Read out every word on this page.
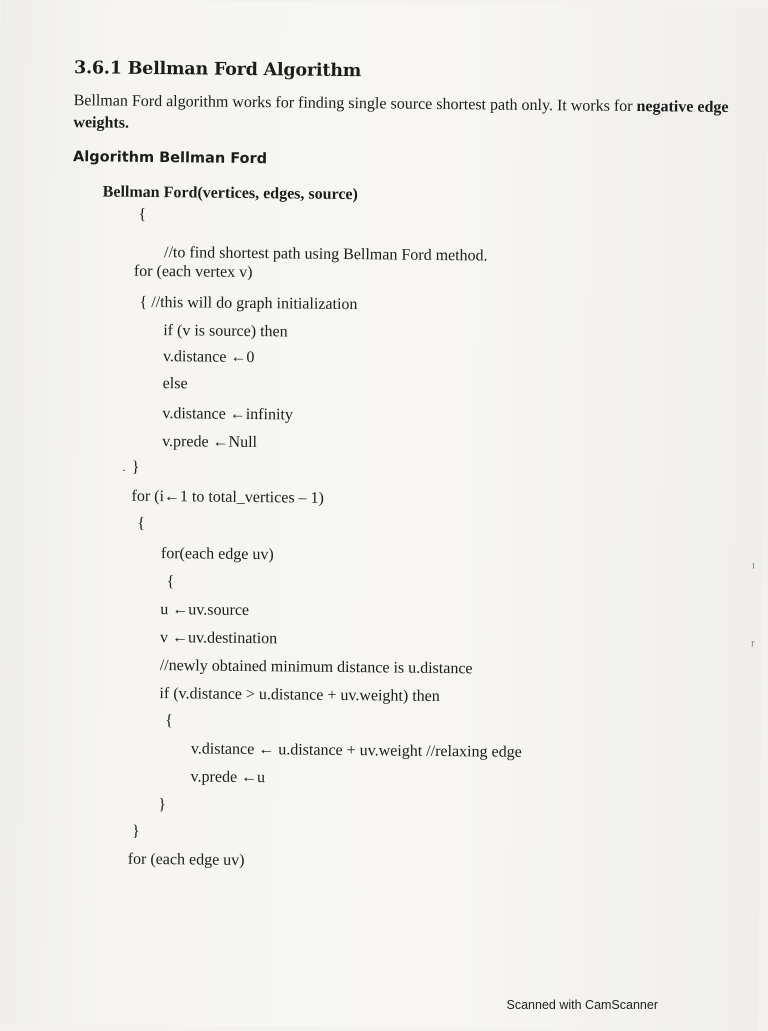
3.6.1 Bellman Ford Algorithm
Bellman Ford algorithm works for finding single source shortest path only. It works for negative edge weights.
Algorithm Bellman Ford
Bellman Ford(vertices, edges, source)
{
//to find shortest path using Bellman Ford method.
for (each vertex v)
{ //this will do graph initialization
if (v is source) then
v.distance ←0
else
v.distance ←infinity
v.prede ←Null
}
for (i←1 to total_vertices – 1)
{
for(each edge uv)
{
u ←uv.source
v ←uv.destination
//newly obtained minimum distance is u.distance
if (v.distance > u.distance + uv.weight) then
{
v.distance ← u.distance + uv.weight //relaxing edge
v.prede ←u
}
}
for (each edge uv)
·
ı
r
Scanned with CamScanner
